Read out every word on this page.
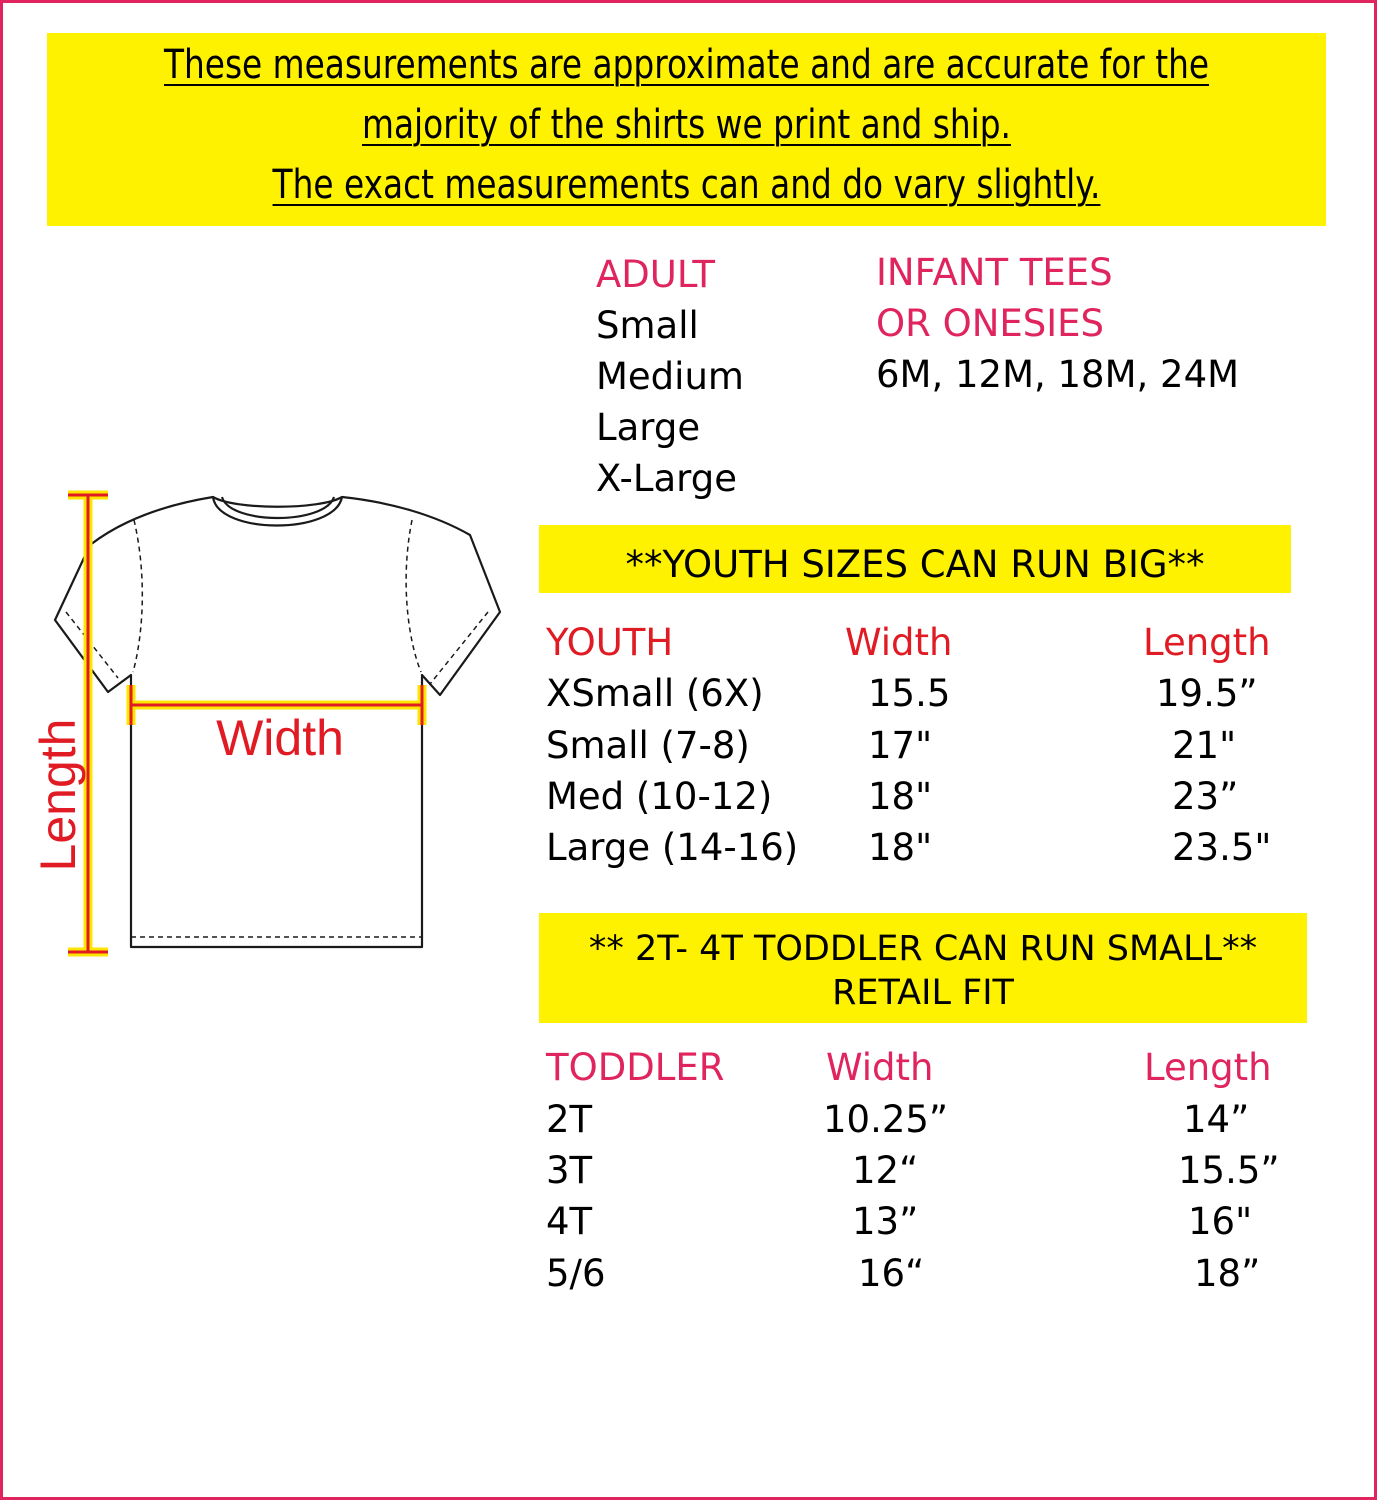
These measurements are approximate and are accurate for the
majority of the shirts we print and ship.
The exact measurements can and do vary slightly.
ADULT
Small
Medium
Large
X-Large
INFANT TEES
OR ONESIES
6M, 12M, 18M, 24M
**YOUTH SIZES CAN RUN BIG**
YOUTH	Width	Length
XSmall (6X)	15.5	19.5”
Small (7-8)	17"	21"
Med (10-12)	18"	23”
Large (14-16) 18"	23.5"
** 2T- 4T TODDLER CAN RUN SMALL**
RETAIL FIT
TODDLER	Width	Length
2T	10.25”	14”
3T	12“	15.5”
4T	13”	16"
5/6	16“	18”
Width
Length
